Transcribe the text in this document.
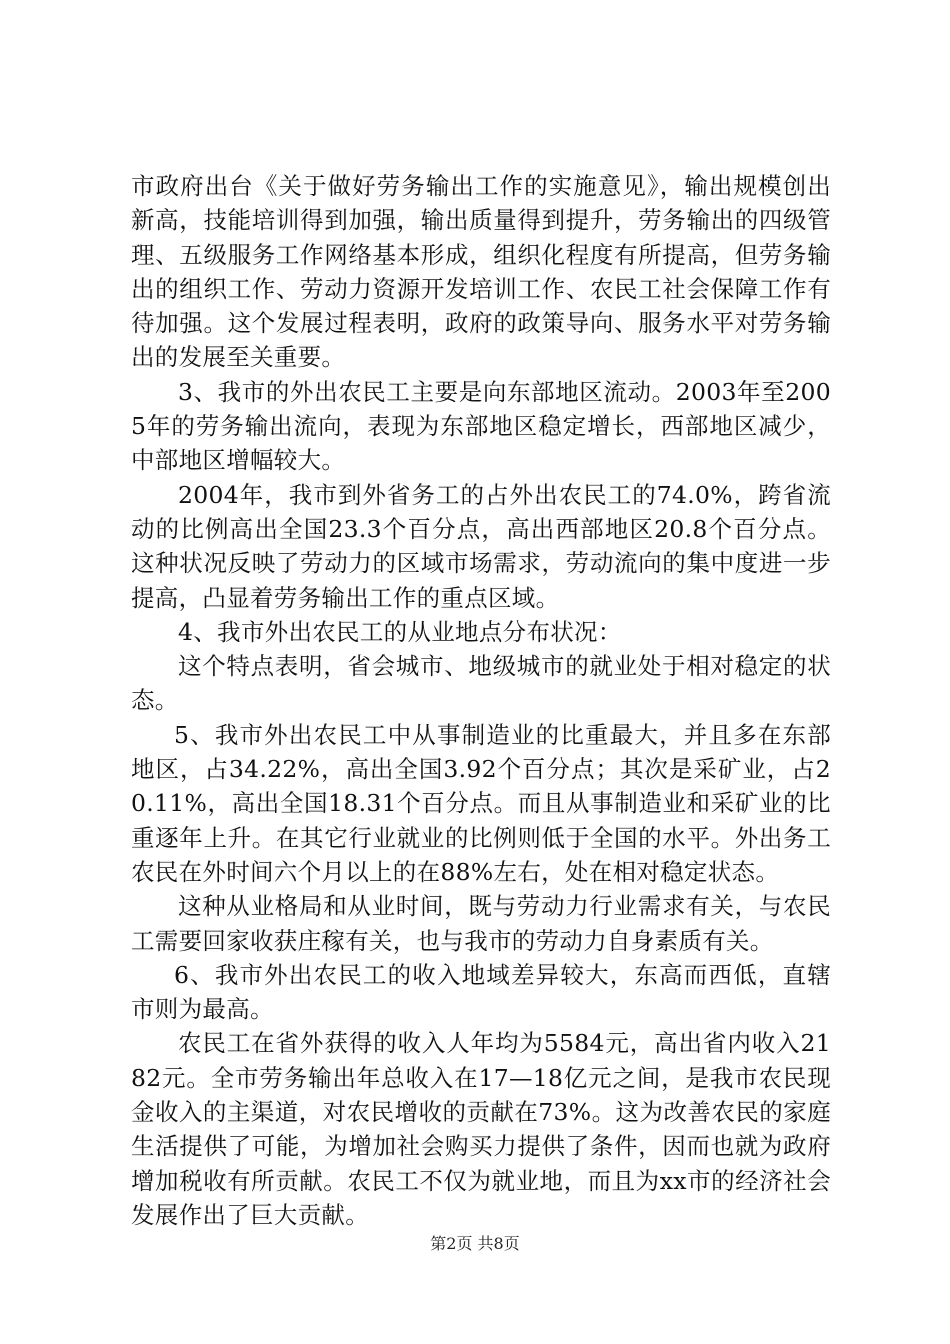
市政府出台《关于做好劳务输出工作的实施意见》，输出规模创出新高，技能培训得到加强，输出质量得到提升，劳务输出的四级管理、五级服务工作网络基本形成，组织化程度有所提高，但劳务输出的组织工作、劳动力资源开发培训工作、农民工社会保障工作有待加强。这个发展过程表明，政府的政策导向、服务水平对劳务输出的发展至关重要。

3、我市的外出农民工主要是向东部地区流动。2003年至2005年的劳务输出流向，表现为东部地区稳定增长，西部地区减少，中部地区增幅较大。

2004年，我市到外省务工的占外出农民工的74.0%，跨省流动的比例高出全国23.3个百分点，高出西部地区20.8个百分点。这种状况反映了劳动力的区域市场需求，劳动流向的集中度进一步提高，凸显着劳务输出工作的重点区域。

4、我市外出农民工的从业地点分布状况：

这个特点表明，省会城市、地级城市的就业处于相对稳定的状态。

5、我市外出农民工中从事制造业的比重最大，并且多在东部地区，占34.22%，高出全国3.92个百分点；其次是采矿业，占20.11%，高出全国18.31个百分点。而且从事制造业和采矿业的比重逐年上升。在其它行业就业的比例则低于全国的水平。外出务工农民在外时间六个月以上的在88%左右，处在相对稳定状态。

这种从业格局和从业时间，既与劳动力行业需求有关，与农民工需要回家收获庄稼有关，也与我市的劳动力自身素质有关。

6、我市外出农民工的收入地域差异较大，东高而西低，直辖市则为最高。

农民工在省外获得的收入人年均为5584元，高出省内收入2182元。全市劳务输出年总收入在17—18亿元之间，是我市农民现金收入的主渠道，对农民增收的贡献在73%。这为改善农民的家庭生活提供了可能，为增加社会购买力提供了条件，因而也就为政府增加税收有所贡献。农民工不仅为就业地，而且为xx市的经济社会发展作出了巨大贡献。

第2页 共8页
